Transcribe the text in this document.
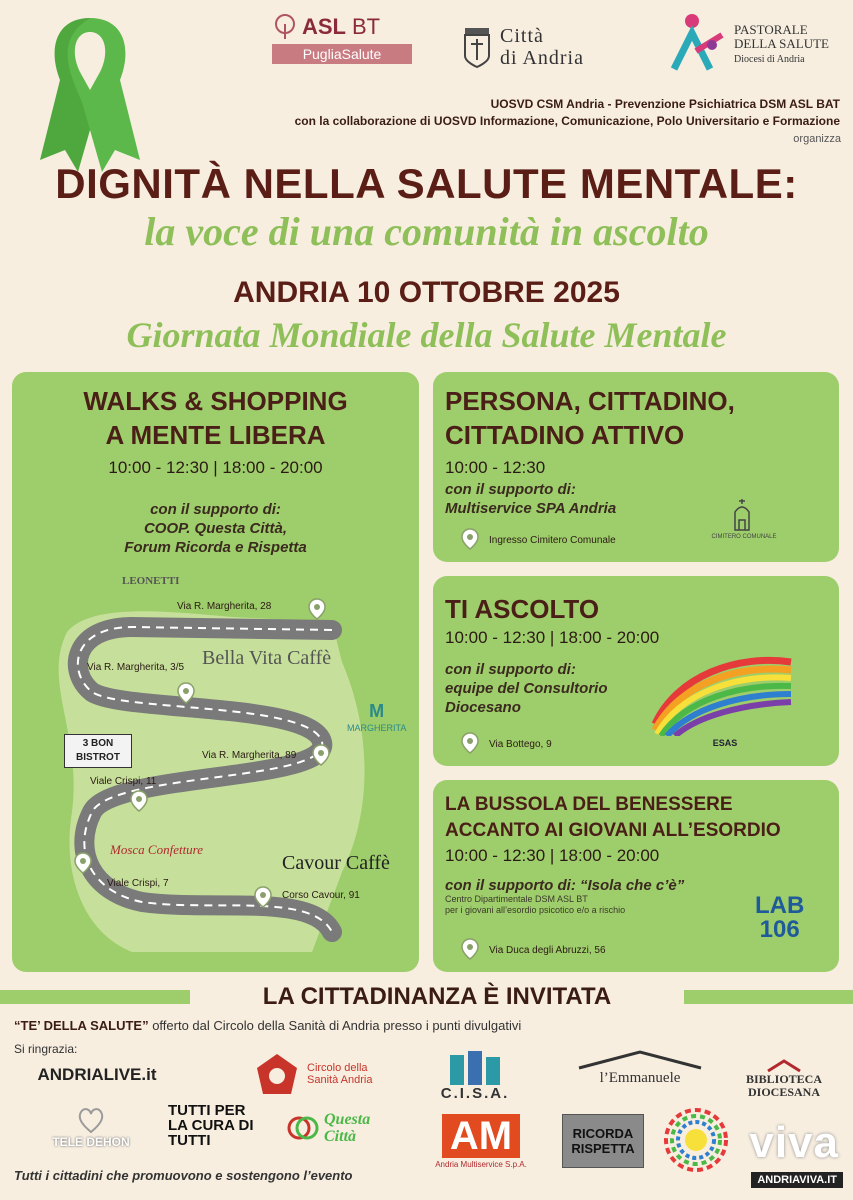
ASL BT
PugliaSalute
Città
di Andria
PASTORALE
DELLA SALUTE
Diocesi di Andria
UOSVD CSM Andria - Prevenzione Psichiatrica DSM ASL BAT
con la collaborazione di UOSVD Informazione, Comunicazione, Polo Universitario e Formazione
organizza
DIGNITÀ NELLA SALUTE MENTALE:
la voce di una comunità in ascolto
ANDRIA 10 OTTOBRE 2025
Giornata Mondiale della Salute Mentale
WALKS & SHOPPING
A MENTE LIBERA
10:00 - 12:30 | 18:00 - 20:00
con il supporto di:
COOP. Questa Città,
Forum Ricorda e Rispetta
LEONETTI
Via R. Margherita, 28
Bella Vita Caffè
Via R. Margherita, 3/5
M
MARGHERITA
Via R. Margherita, 89
3 BON BISTROT
Viale Crispi, 11
Mosca Confetture
Viale Crispi, 7
Cavour Caffè
Corso Cavour, 91
PERSONA, CITTADINO,
CITTADINO ATTIVO
10:00 - 12:30
con il supporto di:
Multiservice SPA Andria
Ingresso Cimitero Comunale	CIMITERO COMUNALE
TI ASCOLTO
10:00 - 12:30 | 18:00 - 20:00
con il supporto di:
equipe del Consultorio
Diocesano
ESAS
Via Bottego, 9
LA BUSSOLA DEL BENESSERE
ACCANTO AI GIOVANI ALL’ESORDIO
10:00 - 12:30 | 18:00 - 20:00
con il supporto di: “Isola che c’è”
Centro Dipartimentale DSM ASL BT
per i giovani all’esordio psicotico e/o a rischio	LAB
106
Via Duca degli Abruzzi, 56
LA CITTADINANZA È INVITATA
“TE’ DELLA SALUTE” offerto dal Circolo della Sanità di Andria presso i punti divulgativi
Si ringrazia:
ANDRIALIVE.it	Circolo della Sanità Andria
C.I.S.A.
l’Emmanuele	BIBLIOTECA DIOCESANA
TELE DEHON
TUTTI PER LA CURA DI TUTTI
Questa Città	AM
Andria Multiservice S.p.A.
RICORDA RISPETTA	viva
Tutti i cittadini che promuovono e sostengono l’evento	ANDRIAVIVA.IT
